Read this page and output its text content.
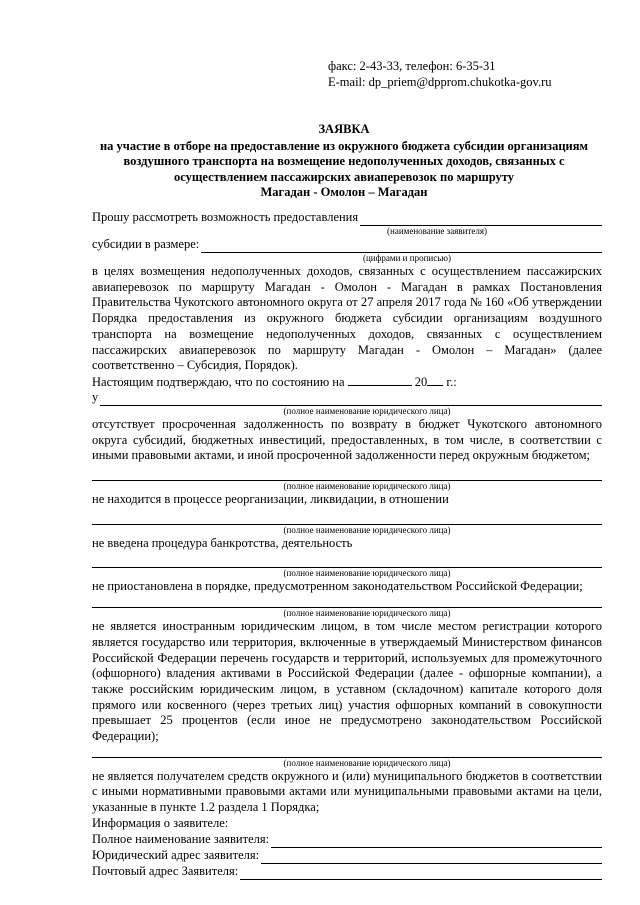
факс: 2-43-33, телефон: 6-35-31
E-mail: dp_priem@dpprom.chukotka-gov.ru
ЗАЯВКА
на участие в отборе на предоставление из окружного бюджета субсидии организациям
воздушного транспорта на возмещение недополученных доходов, связанных с
осуществлением пассажирских авиаперевозок по маршруту
Магадан - Омолон – Магадан
Прошу рассмотреть возможность предоставления
(наименование заявителя)
субсидии в размере:
(цифрами и прописью)
в целях возмещения недополученных доходов, связанных с осуществлением пассажирских авиаперевозок по маршруту Магадан - Омолон - Магадан в рамках Постановления Правительства Чукотского автономного округа от 27 апреля 2017 года № 160 «Об утверждении Порядка предоставления из окружного бюджета субсидии организациям воздушного транспорта на возмещение недополученных доходов, связанных с осуществлением пассажирских авиаперевозок по маршруту Магадан - Омолон – Магадан» (далее соответственно – Субсидия, Порядок).
Настоящим подтверждаю, что по состоянию на	20 г.:
у
(полное наименование юридического лица)
отсутствует просроченная задолженность по возврату в бюджет Чукотского автономного округа субсидий, бюджетных инвестиций, предоставленных, в том числе, в соответствии с иными правовыми актами, и иной просроченной задолженности перед окружным бюджетом;
(полное наименование юридического лица)
не находится в процессе реорганизации, ликвидации, в отношении
(полное наименование юридического лица)
не введена процедура банкротства, деятельность
(полное наименование юридического лица)
не приостановлена в порядке, предусмотренном законодательством Российской Федерации;
(полное наименование юридического лица)
не является иностранным юридическим лицом, в том числе местом регистрации которого является государство или территория, включенные в утверждаемый Министерством финансов Российской Федерации перечень государств и территорий, используемых для промежуточного (офшорного) владения активами в Российской Федерации (далее - офшорные компании), а также российским юридическим лицом, в уставном (складочном) капитале которого доля прямого или косвенного (через третьих лиц) участия офшорных компаний в совокупности превышает 25 процентов (если иное не предусмотрено законодательством Российской Федерации);
(полное наименование юридического лица)
не является получателем средств окружного и (или) муниципального бюджетов в соответствии с иными нормативными правовыми актами или муниципальными правовыми актами на цели, указанные в пункте 1.2 раздела 1 Порядка;
Информация о заявителе:
Полное наименование заявителя:
Юридический адрес заявителя:
Почтовый адрес Заявителя:
